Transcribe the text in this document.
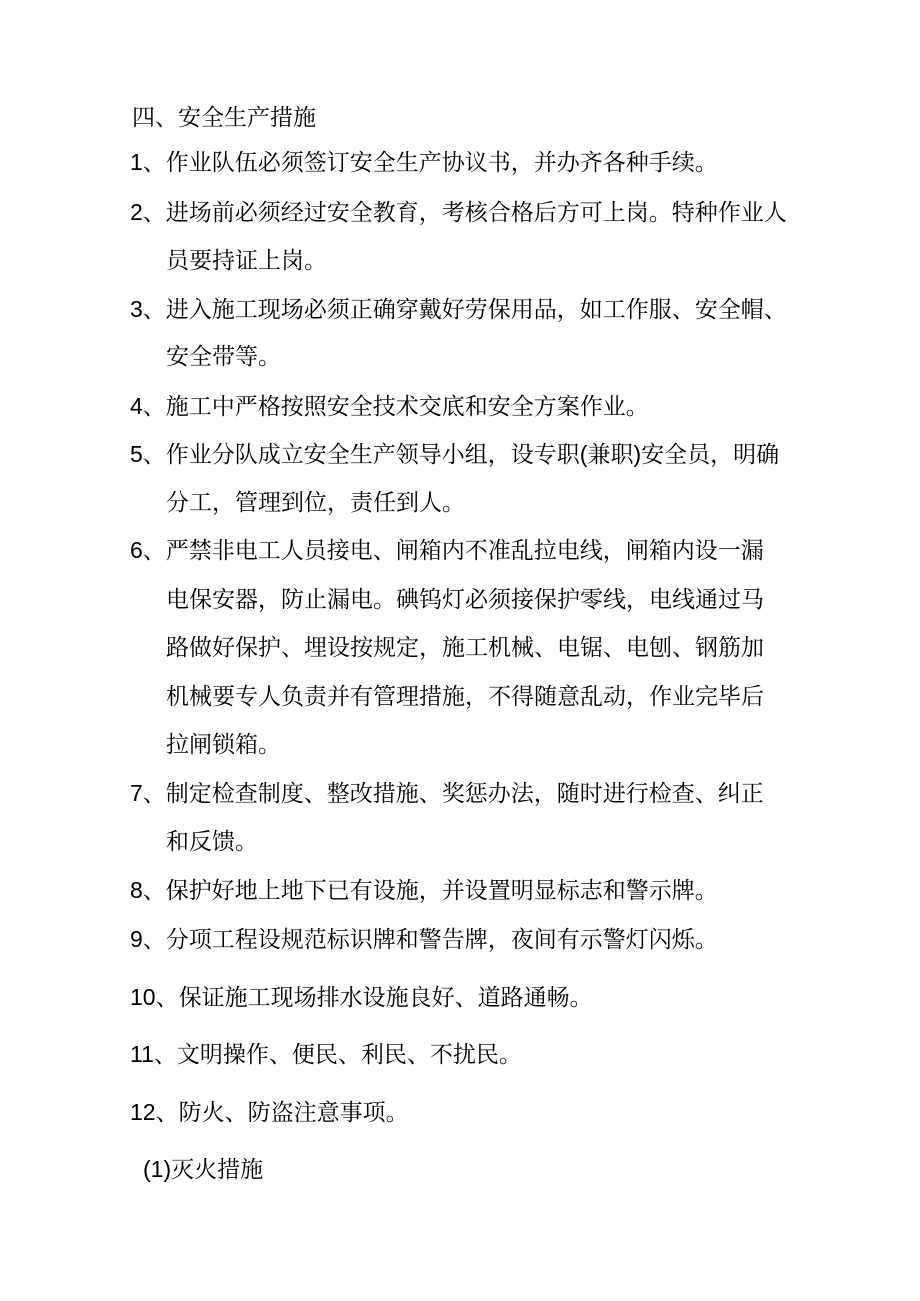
四、安全生产措施
1、作业队伍必须签订安全生产协议书，并办齐各种手续。
2、进场前必须经过安全教育，考核合格后方可上岗。特种作业人
员要持证上岗。
3、进入施工现场必须正确穿戴好劳保用品，如工作服、安全帽、
安全带等。
4、施工中严格按照安全技术交底和安全方案作业。
5、作业分队成立安全生产领导小组，设专职(兼职)安全员，明确
分工，管理到位，责任到人。
6、严禁非电工人员接电、闸箱内不准乱拉电线，闸箱内设一漏
电保安器，防止漏电。碘钨灯必须接保护零线，电线通过马
路做好保护、埋设按规定，施工机械、电锯、电刨、钢筋加
机械要专人负责并有管理措施，不得随意乱动，作业完毕后
拉闸锁箱。
7、制定检查制度、整改措施、奖惩办法，随时进行检查、纠正
和反馈。
8、保护好地上地下已有设施，并设置明显标志和警示牌。
9、分项工程设规范标识牌和警告牌，夜间有示警灯闪烁。
10、保证施工现场排水设施良好、道路通畅。
11、文明操作、便民、利民、不扰民。
12、防火、防盗注意事项。
(1)灭火措施
